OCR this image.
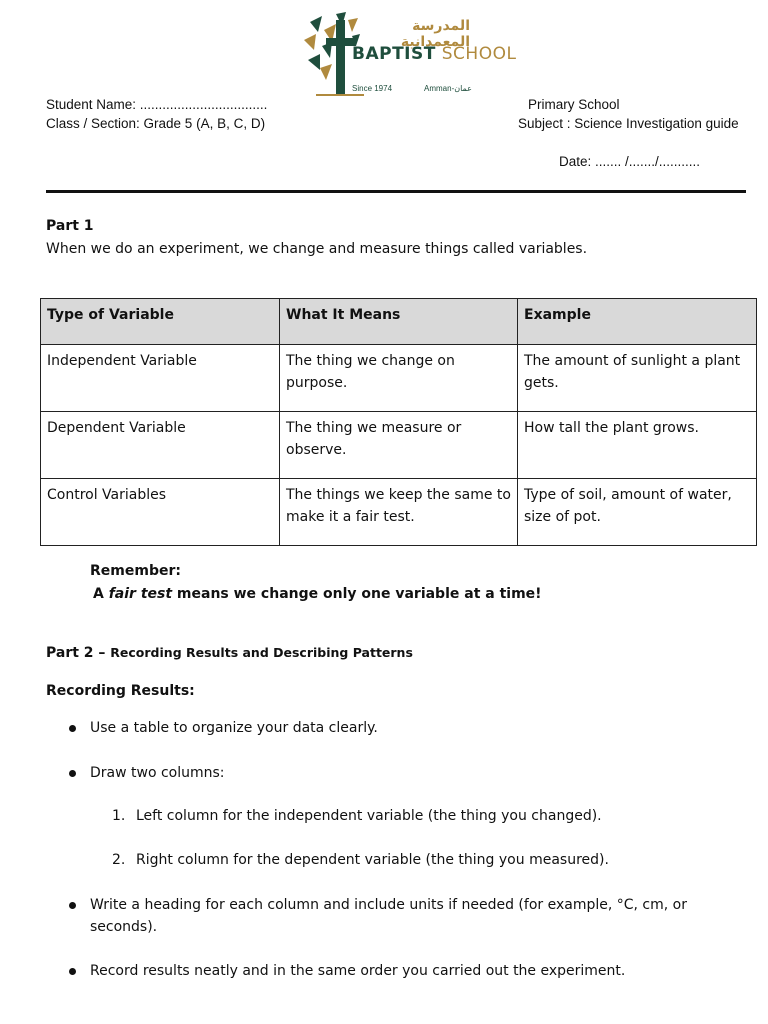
المدرسة المعمدانية
BAPTIST SCHOOL
Since 1974	Amman-عمان
Student Name: ..................................
Class / Section: Grade 5 (A, B, C, D)
Primary School
Subject : Science Investigation guide
Date: ....... /......./...........
Part 1
When we do an experiment, we change and measure things called variables.
Type of Variable	What It Means	Example
Independent Variable	The thing we change on purpose.	The amount of sunlight a plant gets.
Dependent Variable	The thing we measure or observe.	How tall the plant grows.
Control Variables	The things we keep the same to make it a fair test.	Type of soil, amount of water, size of pot.
Remember:
A fair test means we change only one variable at a time!
Part 2 – Recording Results and Describing Patterns
Recording Results:
Use a table to organize your data clearly.
Draw two columns:
1. Left column for the independent variable (the thing you changed).
2. Right column for the dependent variable (the thing you measured).
Write a heading for each column and include units if needed (for example, °C, cm, or
seconds).
Record results neatly and in the same order you carried out the experiment.
